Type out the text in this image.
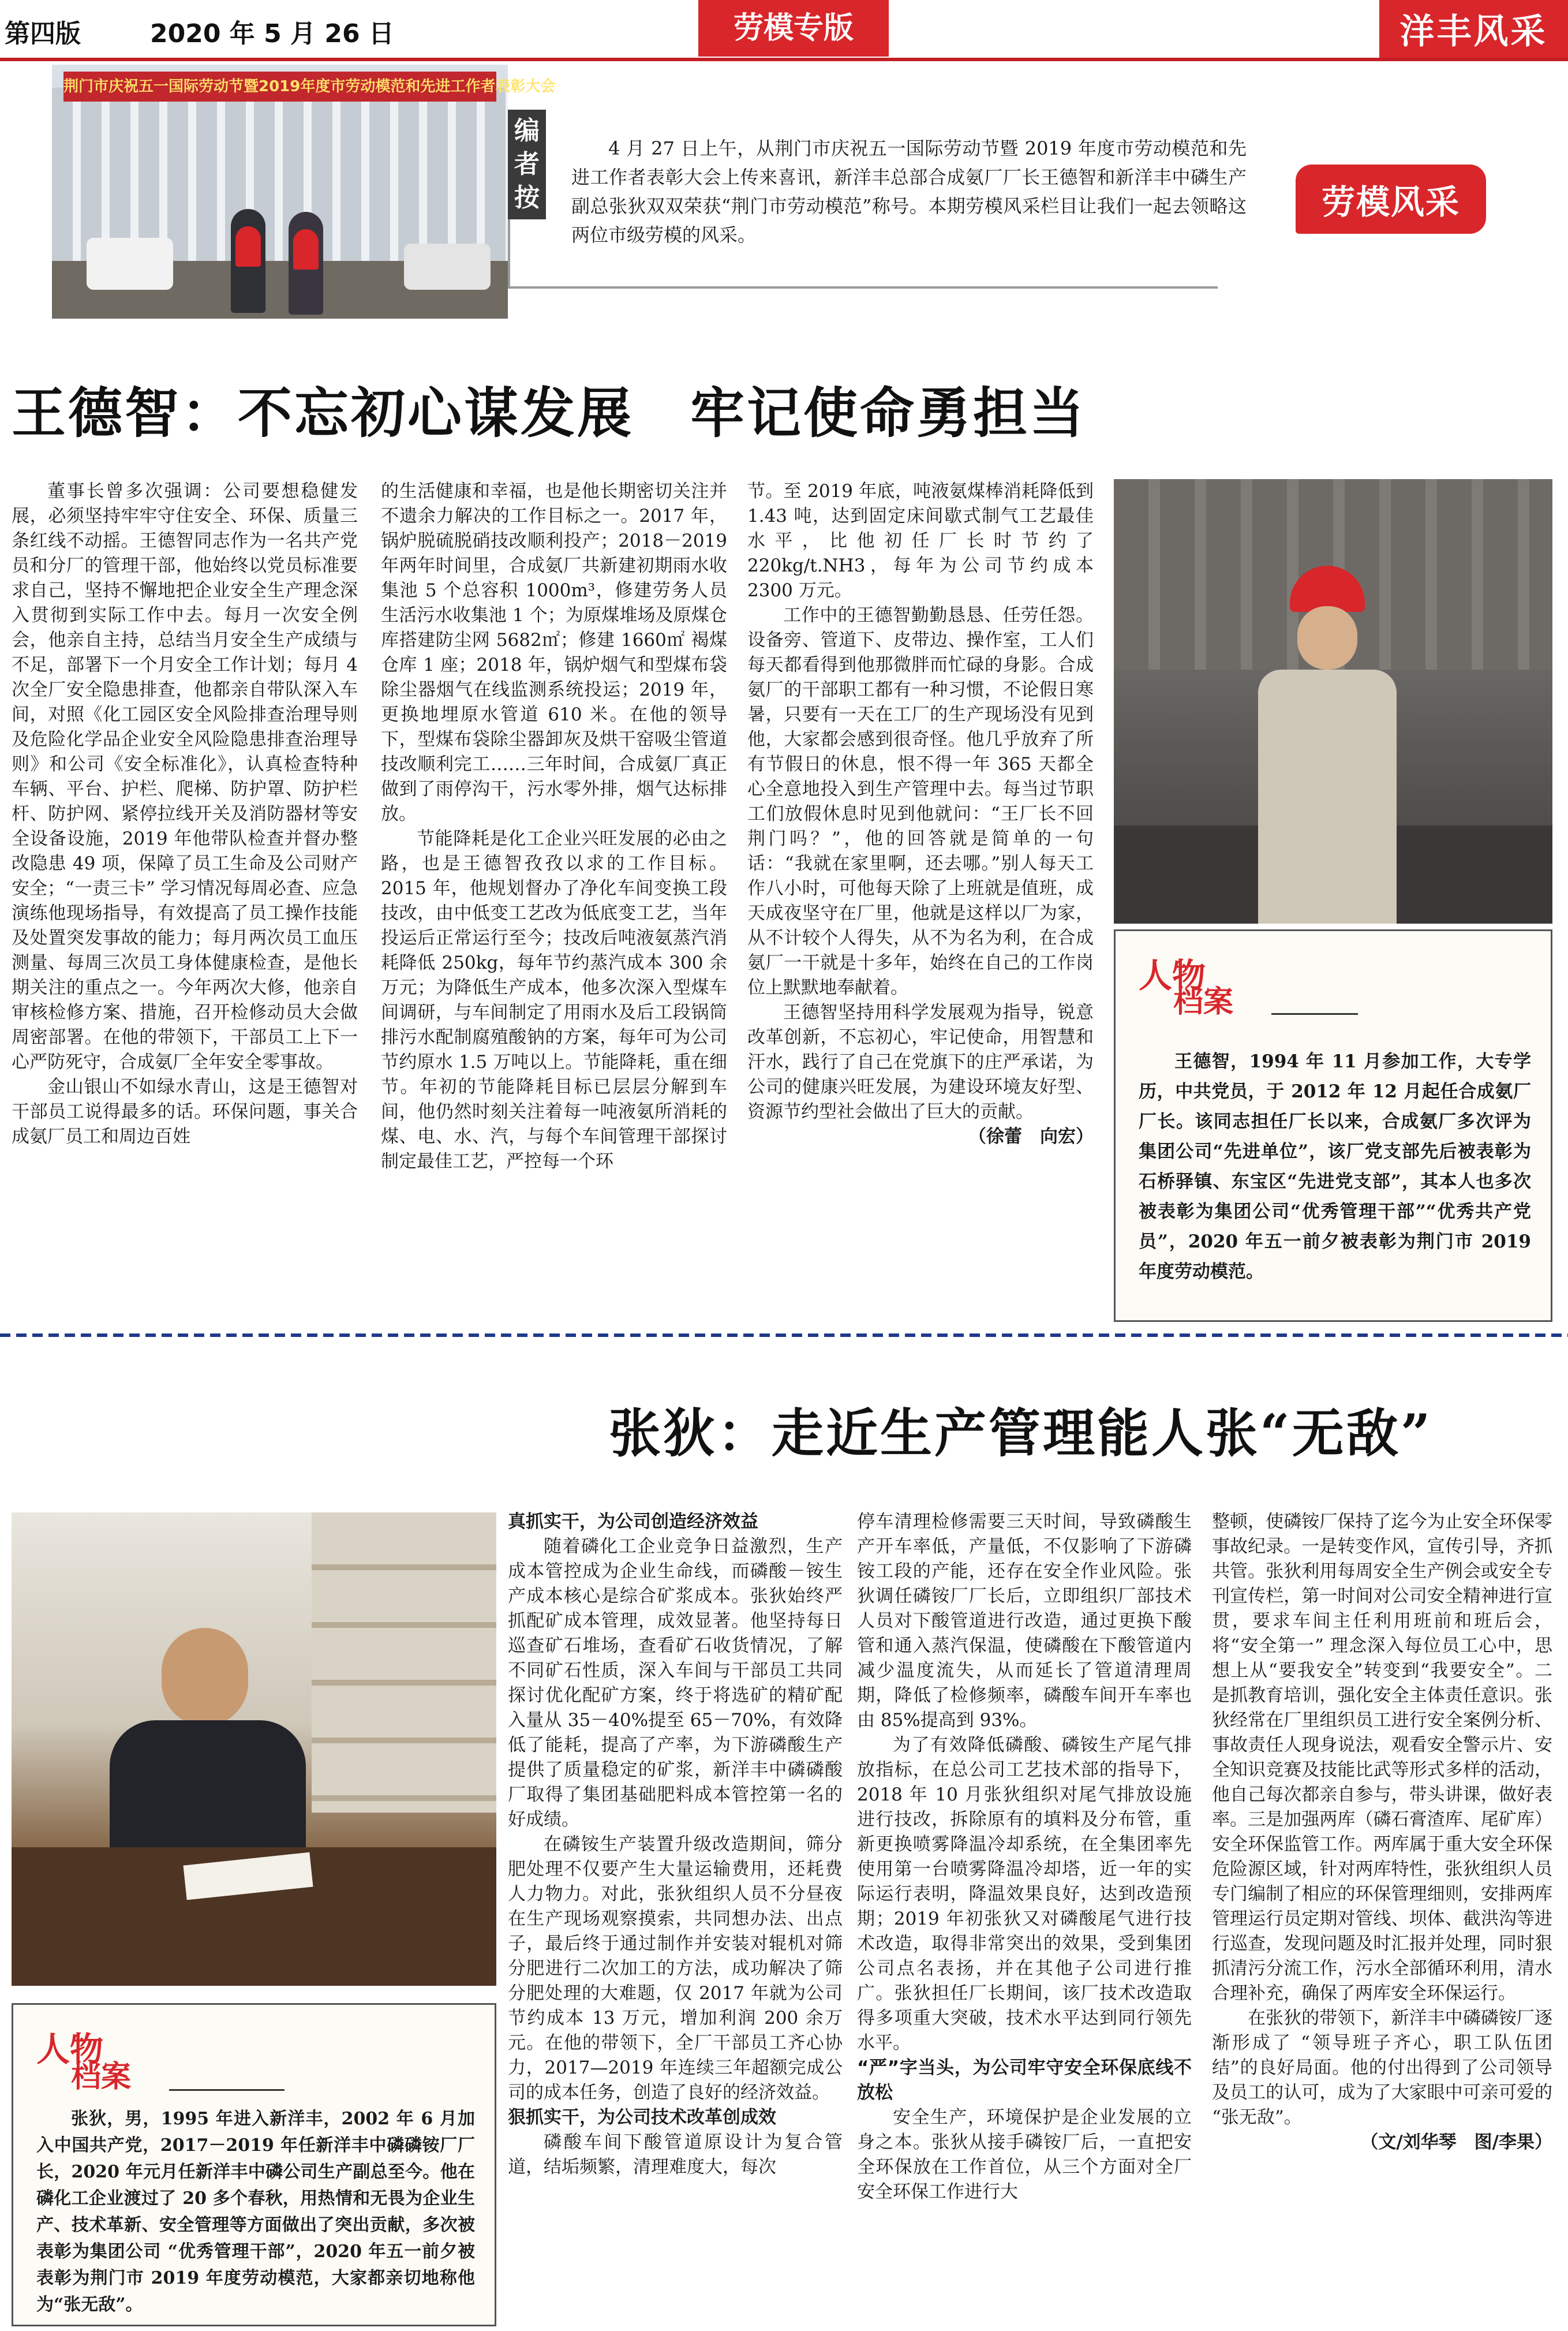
第四版	2020 年 5 月 26 日	劳模专版	洋丰风采
荆门市庆祝五一国际劳动节暨2019年度市劳动模范和先进工作者表彰大会
编
者
按

4 月 27 日上午，从荆门市庆祝五一国际劳动节暨 2019 年度市劳动模范和先进工作者表彰大会上传来喜讯，新洋丰总部合成氨厂厂长王德智和新洋丰中磷生产副总张狄双双荣获“荆门市劳动模范”称号。本期劳模风采栏目让我们一起去领略这两位市级劳模的风采。

劳模风采
王德智：不忘初心谋发展　牢记使命勇担当

董事长曾多次强调：公司要想稳健发展，必须坚持牢牢守住安全、环保、质量三条红线不动摇。王德智同志作为一名共产党员和分厂的管理干部，他始终以党员标准要求自己，坚持不懈地把企业安全生产理念深入贯彻到实际工作中去。每月一次安全例会，他亲自主持，总结当月安全生产成绩与不足，部署下一个月安全工作计划；每月 4 次全厂安全隐患排查，他都亲自带队深入车间，对照《化工园区安全风险排查治理导则及危险化学品企业安全风险隐患排查治理导则》和公司《安全标准化》，认真检查特种车辆、平台、护栏、爬梯、防护罩、防护栏杆、防护网、紧停拉线开关及消防器材等安全设备设施，2019 年他带队检查并督办整改隐患 49 项，保障了员工生命及公司财产安全；“一责三卡” 学习情况每周必查、应急演练他现场指导，有效提高了员工操作技能及处置突发事故的能力；每月两次员工血压测量、每周三次员工身体健康检查，是他长期关注的重点之一。今年两次大修，他亲自审核检修方案、措施，召开检修动员大会做周密部署。在他的带领下，干部员工上下一心严防死守，合成氨厂全年安全零事故。

金山银山不如绿水青山，这是王德智对干部员工说得最多的话。环保问题，事关合成氨厂员工和周边百姓

的生活健康和幸福，也是他长期密切关注并不遗余力解决的工作目标之一。2017 年，锅炉脱硫脱硝技改顺利投产；2018－2019 年两年时间里，合成氨厂共新建初期雨水收集池 5 个总容积 1000m³，修建劳务人员生活污水收集池 1 个；为原煤堆场及原煤仓库搭建防尘网 5682㎡；修建 1660㎡ 褐煤仓库 1 座；2018 年，锅炉烟气和型煤布袋除尘器烟气在线监测系统投运；2019 年，更换地埋原水管道 610 米。在他的领导下，型煤布袋除尘器卸灰及烘干窑吸尘管道技改顺利完工……三年时间，合成氨厂真正做到了雨停沟干，污水零外排，烟气达标排放。

节能降耗是化工企业兴旺发展的必由之路，也是王德智孜孜以求的工作目标。2015 年，他规划督办了净化车间变换工段技改，由中低变工艺改为低底变工艺，当年投运后正常运行至今；技改后吨液氨蒸汽消耗降低 250kg，每年节约蒸汽成本 300 余万元；为降低生产成本，他多次深入型煤车间调研，与车间制定了用雨水及后工段锅筒排污水配制腐殖酸钠的方案，每年可为公司节约原水 1.5 万吨以上。节能降耗，重在细节。年初的节能降耗目标已层层分解到车间，他仍然时刻关注着每一吨液氨所消耗的煤、电、水、汽，与每个车间管理干部探讨制定最佳工艺，严控每一个环

节。至 2019 年底，吨液氨煤棒消耗降低到 1.43 吨，达到固定床间歇式制气工艺最佳水平，比他初任厂长时节约了 220kg/t.NH3，每年为公司节约成本 2300 万元。

工作中的王德智勤勤恳恳、任劳任怨。设备旁、管道下、皮带边、操作室，工人们每天都看得到他那微胖而忙碌的身影。合成氨厂的干部职工都有一种习惯，不论假日寒暑，只要有一天在工厂的生产现场没有见到他，大家都会感到很奇怪。他几乎放弃了所有节假日的休息，恨不得一年 365 天都全心全意地投入到生产管理中去。每当过节职工们放假休息时见到他就问：“王厂长不回荆门吗？”，他的回答就是简单的一句话：“我就在家里啊，还去哪。”别人每天工作八小时，可他每天除了上班就是值班，成天成夜坚守在厂里，他就是这样以厂为家，从不计较个人得失，从不为名为利，在合成氨厂一干就是十多年，始终在自己的工作岗位上默默地奉献着。

王德智坚持用科学发展观为指导，锐意改革创新，不忘初心，牢记使命，用智慧和汗水，践行了自己在党旗下的庄严承诺，为公司的健康兴旺发展，为建设环境友好型、资源节约型社会做出了巨大的贡献。

（徐蕾　向宏）

人物
档案

王德智，1994 年 11 月参加工作，大专学历，中共党员，于 2012 年 12 月起任合成氨厂厂长。该同志担任厂长以来，合成氨厂多次评为集团公司“先进单位”，该厂党支部先后被表彰为石桥驿镇、东宝区“先进党支部”，其本人也多次被表彰为集团公司“优秀管理干部”“优秀共产党员”，2020 年五一前夕被表彰为荆门市 2019 年度劳动模范。

张狄：走近生产管理能人张“无敌”
人物
档案

张狄，男，1995 年进入新洋丰，2002 年 6 月加入中国共产党，2017－2019 年任新洋丰中磷磷铵厂厂长，2020 年元月任新洋丰中磷公司生产副总至今。他在磷化工企业渡过了 20 多个春秋，用热情和无畏为企业生产、技术革新、安全管理等方面做出了突出贡献，多次被表彰为集团公司 “优秀管理干部”，2020 年五一前夕被表彰为荆门市 2019 年度劳动模范，大家都亲切地称他为“张无敌”。

真抓实干，为公司创造经济效益

随着磷化工企业竞争日益激烈，生产成本管控成为企业生命线，而磷酸－铵生产成本核心是综合矿浆成本。张狄始终严抓配矿成本管理，成效显著。他坚持每日巡查矿石堆场，查看矿石收货情况，了解不同矿石性质，深入车间与干部员工共同探讨优化配矿方案，终于将选矿的精矿配入量从 35－40%提至 65－70%，有效降低了能耗，提高了产率，为下游磷酸生产提供了质量稳定的矿浆，新洋丰中磷磷酸厂取得了集团基础肥料成本管控第一名的好成绩。

在磷铵生产装置升级改造期间，筛分肥处理不仅要产生大量运输费用，还耗费人力物力。对此，张狄组织人员不分昼夜在生产现场观察摸索，共同想办法、出点子，最后终于通过制作并安装对辊机对筛分肥进行二次加工的方法，成功解决了筛分肥处理的大难题，仅 2017 年就为公司节约成本 13 万元，增加利润 200 余万元。在他的带领下，全厂干部员工齐心协力，2017—2019 年连续三年超额完成公司的成本任务，创造了良好的经济效益。

狠抓实干，为公司技术改革创成效

磷酸车间下酸管道原设计为复合管道，结垢频繁，清理难度大，每次

停车清理检修需要三天时间，导致磷酸生产开车率低，产量低，不仅影响了下游磷铵工段的产能，还存在安全作业风险。张狄调任磷铵厂厂长后，立即组织厂部技术人员对下酸管道进行改造，通过更换下酸管和通入蒸汽保温，使磷酸在下酸管道内减少温度流失，从而延长了管道清理周期，降低了检修频率，磷酸车间开车率也由 85%提高到 93%。

为了有效降低磷酸、磷铵生产尾气排放指标，在总公司工艺技术部的指导下，2018 年 10 月张狄组织对尾气排放设施进行技改，拆除原有的填料及分布管，重新更换喷雾降温冷却系统，在全集团率先使用第一台喷雾降温冷却塔，近一年的实际运行表明，降温效果良好，达到改造预期；2019 年初张狄又对磷酸尾气进行技术改造，取得非常突出的效果，受到集团公司点名表扬，并在其他子公司进行推广。张狄担任厂长期间，该厂技术改造取得多项重大突破，技术水平达到同行领先水平。

“严”字当头，为公司牢守安全环保底线不放松

安全生产，环境保护是企业发展的立身之本。张狄从接手磷铵厂后，一直把安全环保放在工作首位，从三个方面对全厂安全环保工作进行大

整顿，使磷铵厂保持了迄今为止安全环保零事故纪录。一是转变作风，宣传引导，齐抓共管。张狄利用每周安全生产例会或安全专刊宣传栏，第一时间对公司安全精神进行宣贯，要求车间主任利用班前和班后会，将“安全第一” 理念深入每位员工心中，思想上从“要我安全”转变到“我要安全”。二是抓教育培训，强化安全主体责任意识。张狄经常在厂里组织员工进行安全案例分析、事故责任人现身说法，观看安全警示片、安全知识竞赛及技能比武等形式多样的活动，他自己每次都亲自参与，带头讲课，做好表率。三是加强两库（磷石膏渣库、尾矿库）安全环保监管工作。两库属于重大安全环保危险源区域，针对两库特性，张狄组织人员专门编制了相应的环保管理细则，安排两库管理运行员定期对管线、坝体、截洪沟等进行巡查，发现问题及时汇报并处理，同时狠抓清污分流工作，污水全部循环利用，清水合理补充，确保了两库安全环保运行。

在张狄的带领下，新洋丰中磷磷铵厂逐渐形成了 “领导班子齐心，职工队伍团结”的良好局面。他的付出得到了公司领导及员工的认可，成为了大家眼中可亲可爱的 “张无敌”。

（文/刘华琴　图/李果）
